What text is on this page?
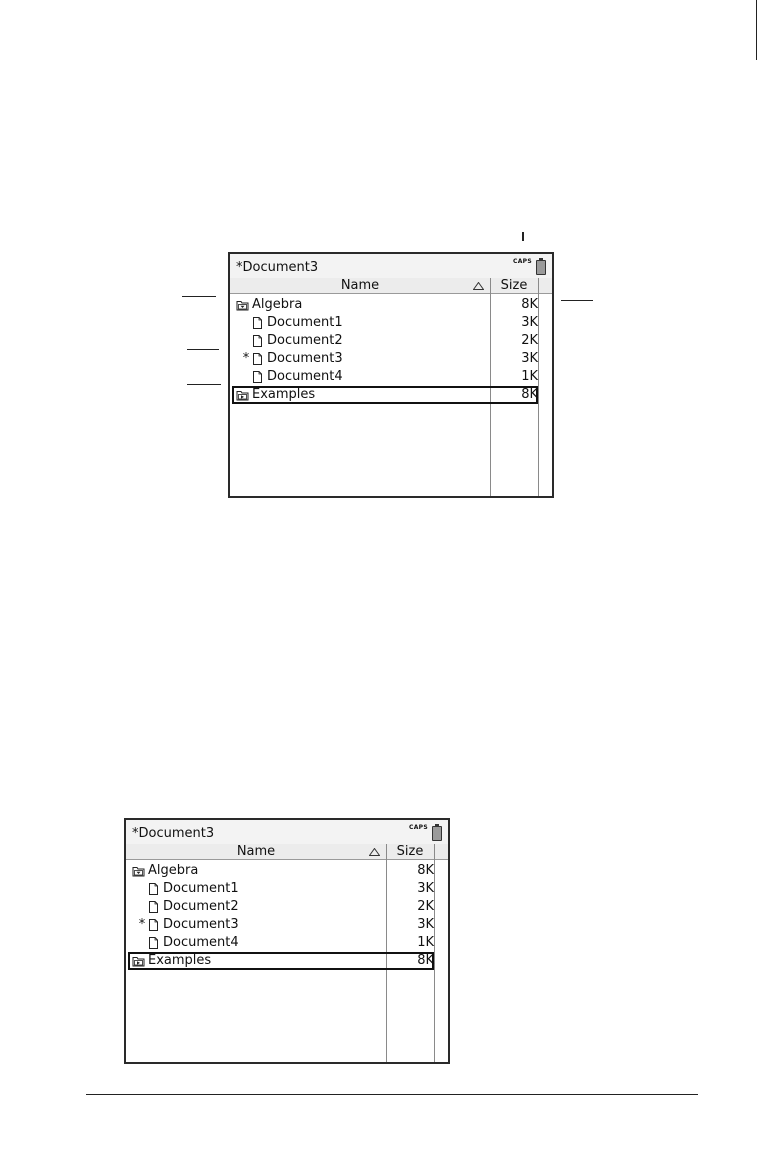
*Document3	CAPS
Name	Size
Algebra	8K
Document1	3K
Document2	2K
* Document3	3K
Document4	1K
Examples	8K
*Document3	CAPS
Name	Size
Algebra	8K
Document1	3K
Document2	2K
* Document3	3K
Document4	1K
Examples	8K
